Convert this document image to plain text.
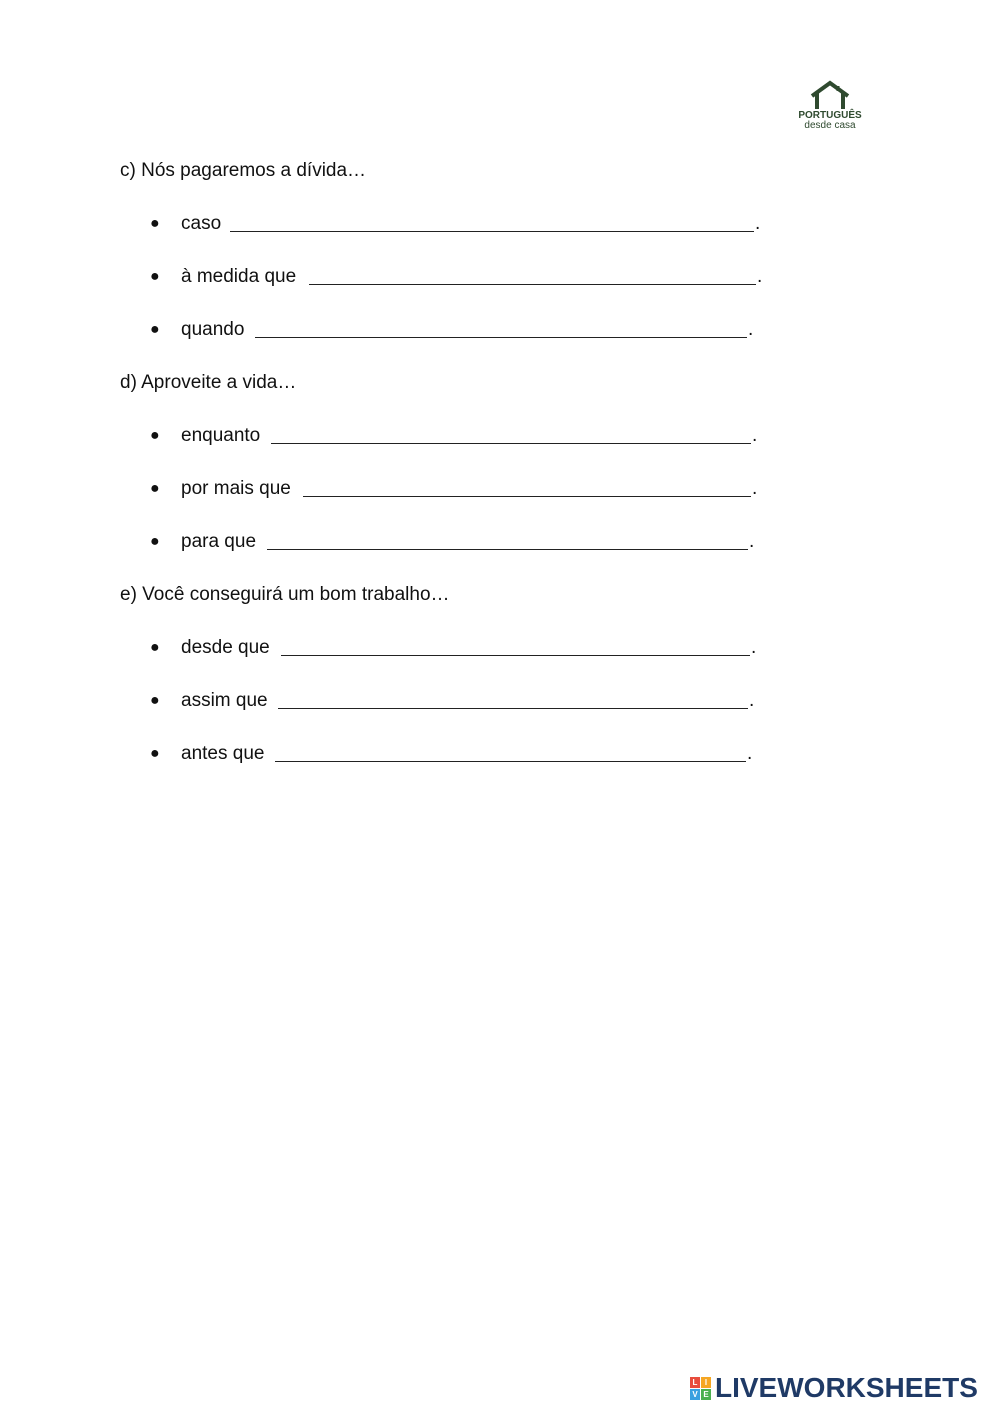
PORTUGUÊS
desde casa
c) Nós pagaremos a dívida…
● caso	.
● à medida que	.
● quando	.
d) Aproveite a vida…
● enquanto	.
● por mais que	.
● para que	.
e) Você conseguirá um bom trabalho…
● desde que	.
● assim que	.
● antes que	.
L I
V E LIVEWORKSHEETS
